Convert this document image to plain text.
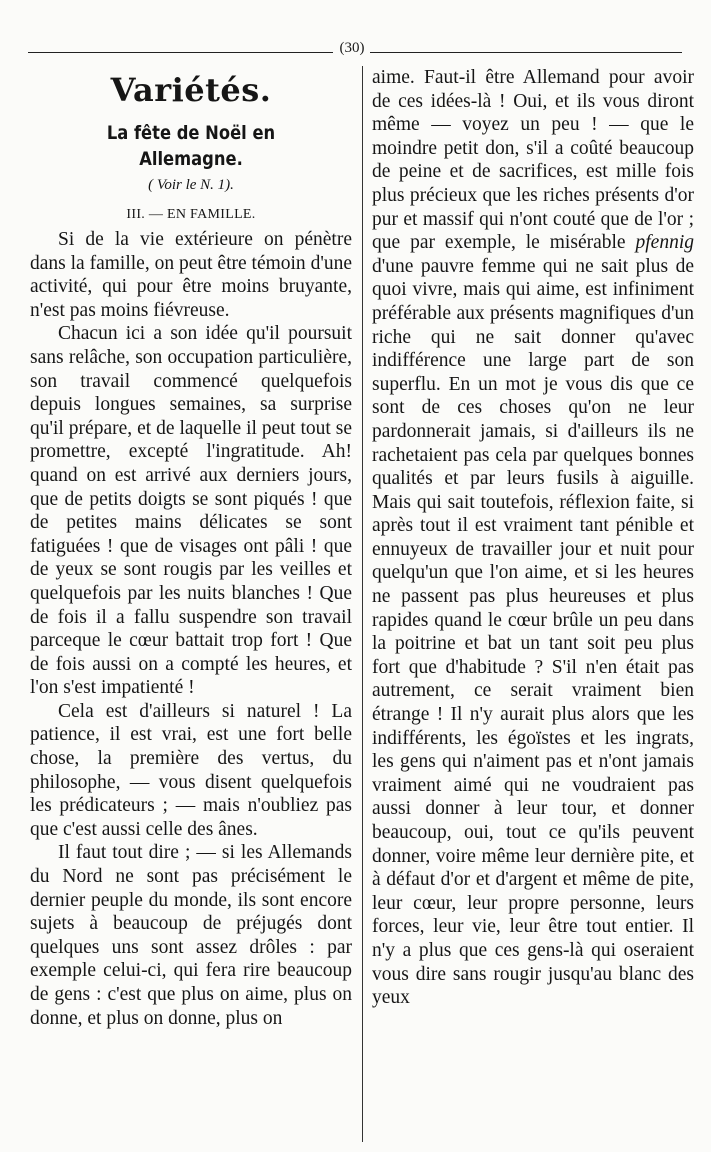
(30)
Variétés.
La fête de Noël en Allemagne.
( Voir le N. 1).
III. — EN FAMILLE.

Si de la vie extérieure on pénètre dans la famille, on peut être témoin d'une activité, qui pour être moins bruyante, n'est pas moins fiévreuse.

Chacun ici a son idée qu'il poursuit sans relâche, son occupation particulière, son travail commencé quelquefois depuis longues semaines, sa surprise qu'il prépare, et de laquelle il peut tout se promettre, excepté l'ingratitude. Ah! quand on est arrivé aux derniers jours, que de petits doigts se sont piqués ! que de petites mains délicates se sont fatiguées ! que de visages ont pâli ! que de yeux se sont rougis par les veilles et quelquefois par les nuits blanches ! Que de fois il a fallu suspendre son travail parceque le cœur battait trop fort ! Que de fois aussi on a compté les heures, et l'on s'est impatienté !

Cela est d'ailleurs si naturel ! La patience, il est vrai, est une fort belle chose, la première des vertus, du philosophe, — vous disent quelquefois les prédicateurs ; — mais n'oubliez pas que c'est aussi celle des ânes.

Il faut tout dire ; — si les Allemands du Nord ne sont pas précisément le dernier peuple du monde, ils sont encore sujets à beaucoup de préjugés dont quelques uns sont assez drôles : par exemple celui-ci, qui fera rire beaucoup de gens : c'est que plus on aime, plus on donne, et plus on donne, plus on

aime. Faut-il être Allemand pour avoir de ces idées-là ! Oui, et ils vous diront même — voyez un peu ! — que le moindre petit don, s'il a coûté beaucoup de peine et de sacrifices, est mille fois plus précieux que les riches présents d'or pur et massif qui n'ont couté que de l'or ; que par exemple, le misérable pfennig d'une pauvre femme qui ne sait plus de quoi vivre, mais qui aime, est infiniment préférable aux présents magnifiques d'un riche qui ne sait donner qu'avec indifférence une large part de son superflu. En un mot je vous dis que ce sont de ces choses qu'on ne leur pardonnerait jamais, si d'ailleurs ils ne rachetaient pas cela par quelques bonnes qualités et par leurs fusils à aiguille. Mais qui sait toutefois, réflexion faite, si après tout il est vraiment tant pénible et ennuyeux de travailler jour et nuit pour quelqu'un que l'on aime, et si les heures ne passent pas plus heureuses et plus rapides quand le cœur brûle un peu dans la poitrine et bat un tant soit peu plus fort que d'habitude ? S'il n'en était pas autrement, ce serait vraiment bien étrange ! Il n'y aurait plus alors que les indifférents, les égoïstes et les ingrats, les gens qui n'aiment pas et n'ont jamais vraiment aimé qui ne voudraient pas aussi donner à leur tour, et donner beaucoup, oui, tout ce qu'ils peuvent donner, voire même leur dernière pite, et à défaut d'or et d'argent et même de pite, leur cœur, leur propre personne, leurs forces, leur vie, leur être tout entier. Il n'y a plus que ces gens-là qui oseraient vous dire sans rougir jusqu'au blanc des yeux
